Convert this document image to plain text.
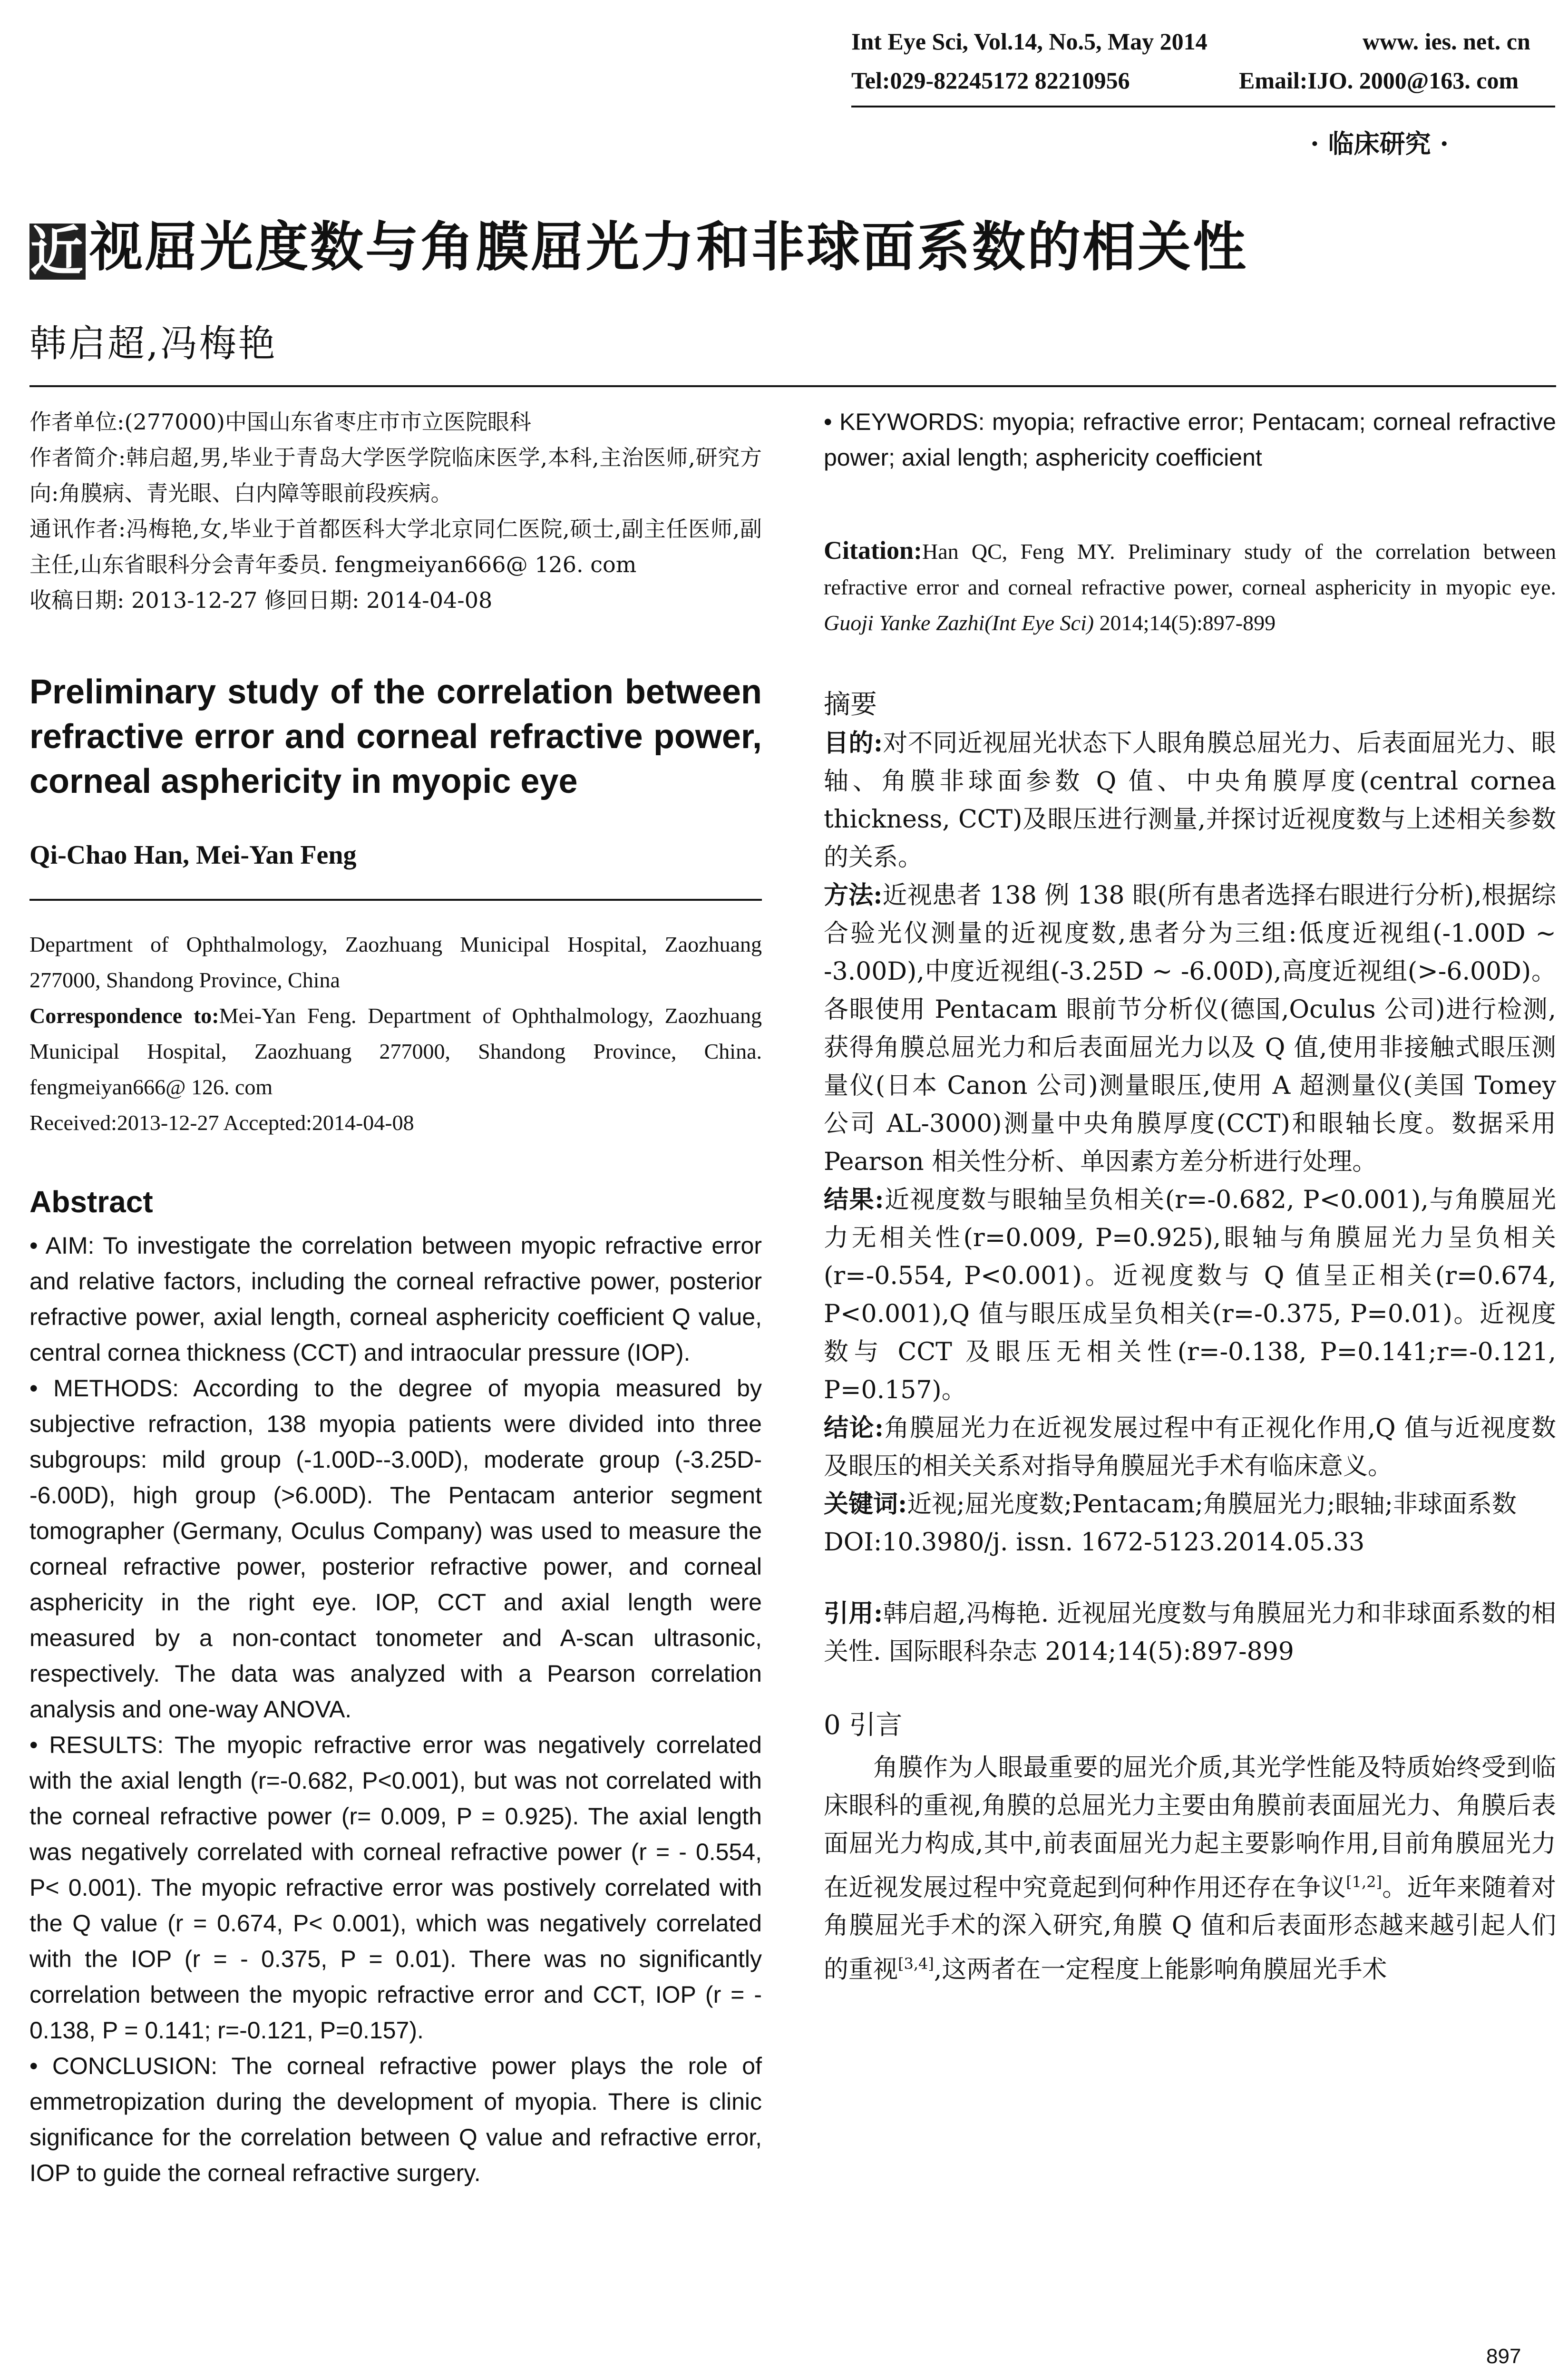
Int Eye Sci, Vol.14, No.5, May 2014	www. ies. net. cn
Tel:029-82245172 82210956	Email:IJO. 2000@163. com
· 临床研究 ·
近视屈光度数与角膜屈光力和非球面系数的相关性
韩启超,冯梅艳

作者单位:(277000)中国山东省枣庄市市立医院眼科

作者简介:韩启超,男,毕业于青岛大学医学院临床医学,本科,主治医师,研究方向:角膜病、青光眼、白内障等眼前段疾病。

通讯作者:冯梅艳,女,毕业于首都医科大学北京同仁医院,硕士,副主任医师,副主任,山东省眼科分会青年委员. fengmeiyan666@ 126. com

收稿日期: 2013-12-27 修回日期: 2014-04-08

Preliminary study of the correlation between refractive error and corneal refractive power, corneal asphericity in myopic eye
Qi-Chao Han, Mei-Yan Feng

Department of Ophthalmology, Zaozhuang Municipal Hospital, Zaozhuang 277000, Shandong Province, China

Correspondence to:Mei-Yan Feng. Department of Ophthalmology, Zaozhuang Municipal Hospital, Zaozhuang 277000, Shandong Province, China. fengmeiyan666@ 126. com

Received:2013-12-27 Accepted:2014-04-08

Abstract

• AIM: To investigate the correlation between myopic refractive error and relative factors, including the corneal refractive power, posterior refractive power, axial length, corneal asphericity coefficient Q value, central cornea thickness (CCT) and intraocular pressure (IOP).

• METHODS: According to the degree of myopia measured by subjective refraction, 138 myopia patients were divided into three subgroups: mild group (-1.00D--3.00D), moderate group (-3.25D--6.00D), high group (>6.00D). The Pentacam anterior segment tomographer (Germany, Oculus Company) was used to measure the corneal refractive power, posterior refractive power, and corneal asphericity in the right eye. IOP, CCT and axial length were measured by a non-contact tonometer and A-scan ultrasonic, respectively. The data was analyzed with a Pearson correlation analysis and one-way ANOVA.

• RESULTS: The myopic refractive error was negatively correlated with the axial length (r=-0.682, P<0.001), but was not correlated with the corneal refractive power (r= 0.009, P = 0.925). The axial length was negatively correlated with corneal refractive power (r = - 0.554, P< 0.001). The myopic refractive error was postively correlated with the Q value (r = 0.674, P< 0.001), which was negatively correlated with the IOP (r = - 0.375, P = 0.01). There was no significantly correlation between the myopic refractive error and CCT, IOP (r = - 0.138, P = 0.141; r=-0.121, P=0.157).

• CONCLUSION: The corneal refractive power plays the role of emmetropization during the development of myopia. There is clinic significance for the correlation between Q value and refractive error, IOP to guide the corneal refractive surgery.

• KEYWORDS: myopia; refractive error; Pentacam; corneal refractive power; axial length; asphericity coefficient

Citation:Han QC, Feng MY. Preliminary study of the correlation between refractive error and corneal refractive power, corneal asphericity in myopic eye. Guoji Yanke Zazhi(Int Eye Sci) 2014;14(5):897-899

摘要

目的:对不同近视屈光状态下人眼角膜总屈光力、后表面屈光力、眼轴、角膜非球面参数 Q 值、中央角膜厚度(central cornea thickness, CCT)及眼压进行测量,并探讨近视度数与上述相关参数的关系。

方法:近视患者 138 例 138 眼(所有患者选择右眼进行分析),根据综合验光仪测量的近视度数,患者分为三组:低度近视组(-1.00D ~ -3.00D),中度近视组(-3.25D ~ -6.00D),高度近视组(>-6.00D)。各眼使用 Pentacam 眼前节分析仪(德国,Oculus 公司)进行检测,获得角膜总屈光力和后表面屈光力以及 Q 值,使用非接触式眼压测量仪(日本 Canon 公司)测量眼压,使用 A 超测量仪(美国 Tomey 公司 AL-3000)测量中央角膜厚度(CCT)和眼轴长度。数据采用 Pearson 相关性分析、单因素方差分析进行处理。

结果:近视度数与眼轴呈负相关(r=-0.682, P<0.001),与角膜屈光力无相关性(r=0.009, P=0.925),眼轴与角膜屈光力呈负相关(r=-0.554, P<0.001)。近视度数与 Q 值呈正相关(r=0.674, P<0.001),Q 值与眼压成呈负相关(r=-0.375, P=0.01)。近视度数与 CCT 及眼压无相关性(r=-0.138, P=0.141;r=-0.121, P=0.157)。

结论:角膜屈光力在近视发展过程中有正视化作用,Q 值与近视度数及眼压的相关关系对指导角膜屈光手术有临床意义。

关键词:近视;屈光度数;Pentacam;角膜屈光力;眼轴;非球面系数

DOI:10.3980/j. issn. 1672-5123.2014.05.33

引用:韩启超,冯梅艳. 近视屈光度数与角膜屈光力和非球面系数的相关性. 国际眼科杂志 2014;14(5):897-899

0 引言

角膜作为人眼最重要的屈光介质,其光学性能及特质始终受到临床眼科的重视,角膜的总屈光力主要由角膜前表面屈光力、角膜后表面屈光力构成,其中,前表面屈光力起主要影响作用,目前角膜屈光力在近视发展过程中究竟起到何种作用还存在争议[1,2]。近年来随着对角膜屈光手术的深入研究,角膜 Q 值和后表面形态越来越引起人们的重视[3,4],这两者在一定程度上能影响角膜屈光手术

897
